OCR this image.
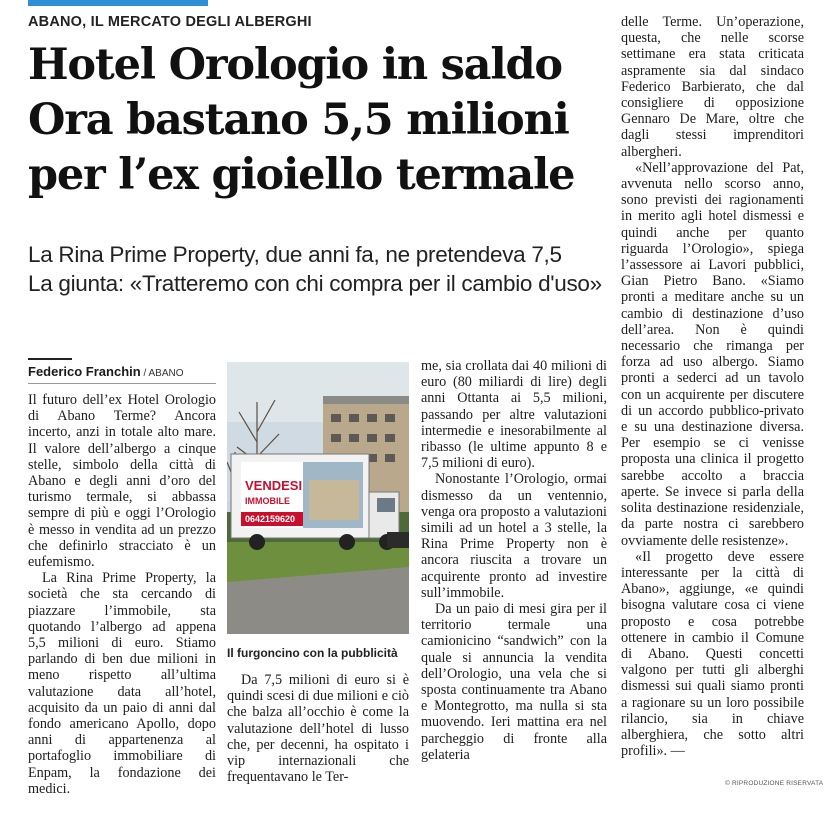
ABANO, IL MERCATO DEGLI ALBERGHI
Hotel Orologio in saldo
Ora bastano 5,5 milioni
per l’ex gioiello termale
La Rina Prime Property, due anni fa, ne pretendeva 7,5
La giunta: «Tratteremo con chi compra per il cambio d'uso»
Federico Franchin / ABANO

Il futuro dell’ex Hotel Orologio di Abano Terme? Ancora incerto, anzi in totale alto mare. Il valore dell’albergo a cinque stelle, simbolo della città di Abano e degli anni d’oro del turismo termale, si abbassa sempre di più e oggi l’Orologio è messo in vendita ad un prezzo che definirlo stracciato è un eufemismo.

La Rina Prime Property, la società che sta cercando di piazzare l’immobile, sta quotando l’albergo ad appena 5,5 milioni di euro. Stiamo parlando di ben due milioni in meno rispetto all’ultima valutazione data all’hotel, acquisito da un paio di anni dal fondo americano Apollo, dopo anni di appartenenza al portafoglio immobiliare di Enpam, la fondazione dei medici.

VENDESI
IMMOBILE
0642159620
Il furgoncino con la pubblicità

Da 7,5 milioni di euro si è quindi scesi di due milioni e ciò che balza all’occhio è come la valutazione dell’hotel di lusso che, per decenni, ha ospitato i vip internazionali che frequentavano le Ter-

me, sia crollata dai 40 milioni di euro (80 miliardi di lire) degli anni Ottanta ai 5,5 milioni, passando per altre valutazioni intermedie e inesorabilmente al ribasso (le ultime appunto 8 e 7,5 milioni di euro).

Nonostante l’Orologio, ormai dismesso da un ventennio, venga ora proposto a valutazioni simili ad un hotel a 3 stelle, la Rina Prime Property non è ancora riuscita a trovare un acquirente pronto ad investire sull’immobile.

Da un paio di mesi gira per il territorio termale una camionicino “sandwich” con la quale si annuncia la vendita dell’Orologio, una vela che si sposta continuamente tra Abano e Montegrotto, ma nulla si sta muovendo. Ieri mattina era nel parcheggio di fronte alla gelateria

delle Terme. Un’operazione, questa, che nelle scorse settimane era stata criticata aspramente sia dal sindaco Federico Barbierato, che dal consigliere di opposizione Gennaro De Mare, oltre che dagli stessi imprenditori albergheri.

«Nell’approvazione del Pat, avvenuta nello scorso anno, sono previsti dei ragionamenti in merito agli hotel dismessi e quindi anche per quanto riguarda l’Orologio», spiega l’assessore ai Lavori pubblici, Gian Pietro Bano. «Siamo pronti a meditare anche su un cambio di destinazione d’uso dell’area. Non è quindi necessario che rimanga per forza ad uso albergo. Siamo pronti a sederci ad un tavolo con un acquirente per discutere di un accordo pubblico-privato e su una destinazione diversa. Per esempio se ci venisse proposta una clinica il progetto sarebbe accolto a braccia aperte. Se invece si parla della solita destinazione residenziale, da parte nostra ci sarebbero ovviamente delle resistenze».

«Il progetto deve essere interessante per la città di Abano», aggiunge, «e quindi bisogna valutare cosa ci viene proposto e cosa potrebbe ottenere in cambio il Comune di Abano. Questi concetti valgono per tutti gli alberghi dismessi sui quali siamo pronti a ragionare su un loro possibile rilancio, sia in chiave alberghiera, che sotto altri profili». —

© RIPRODUZIONE RISERVATA
